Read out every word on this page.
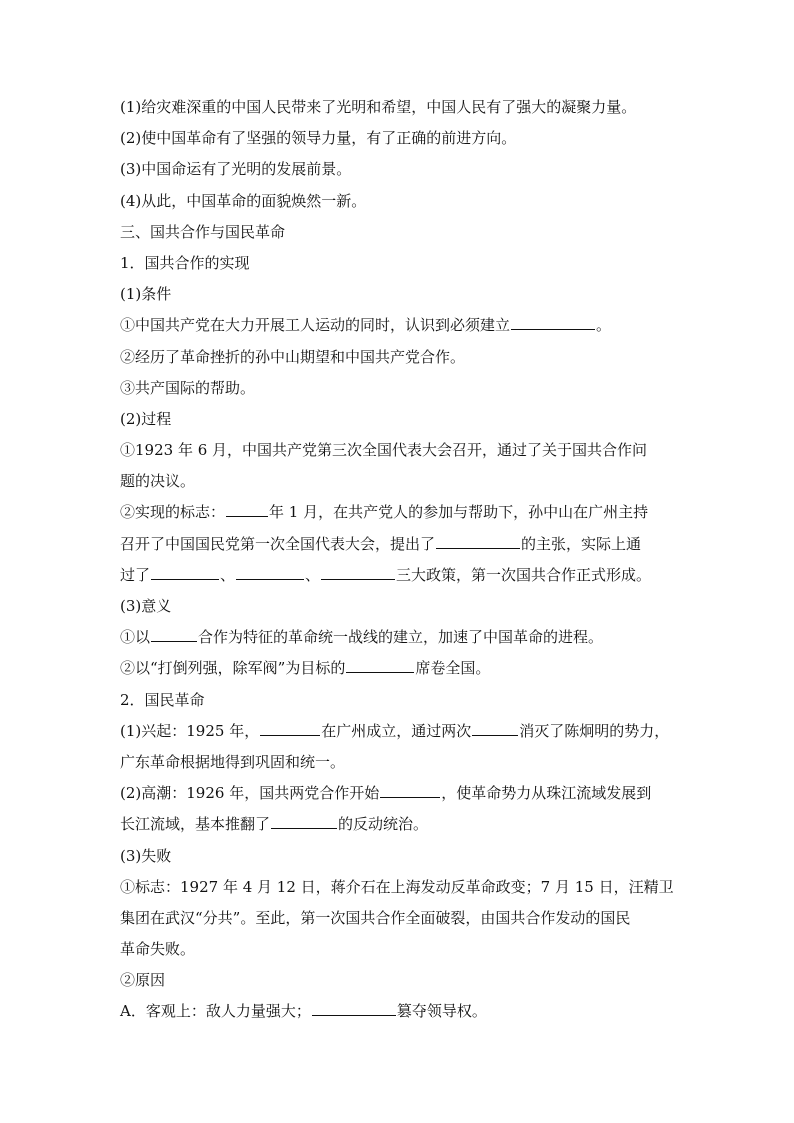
(1)给灾难深重的中国人民带来了光明和希望，中国人民有了强大的凝聚力量。
(2)使中国革命有了坚强的领导力量，有了正确的前进方向。
(3)中国命运有了光明的发展前景。
(4)从此，中国革命的面貌焕然一新。
三、国共合作与国民革命
1．国共合作的实现
(1)条件
①中国共产党在大力开展工人运动的同时，认识到必须建立	。
②经历了革命挫折的孙中山期望和中国共产党合作。
③共产国际的帮助。
(2)过程
①1923 年 6 月，中国共产党第三次全国代表大会召开，通过了关于国共合作问
题的决议。
②实现的标志：	年 1 月，在共产党人的参加与帮助下，孙中山在广州主持
召开了中国国民党第一次全国代表大会，提出了	的主张，实际上通
过了	、	、	三大政策，第一次国共合作正式形成。
(3)意义
①以	合作为特征的革命统一战线的建立，加速了中国革命的进程。
②以“打倒列强，除军阀”为目标的	席卷全国。
2．国民革命
(1)兴起：1925 年，	在广州成立，通过两次	消灭了陈炯明的势力，
广东革命根据地得到巩固和统一。
(2)高潮：1926 年，国共两党合作开始	，使革命势力从珠江流域发展到
长江流域，基本推翻了	的反动统治。
(3)失败
①标志：1927 年 4 月 12 日，蒋介石在上海发动反革命政变；7 月 15 日，汪精卫
集团在武汉“分共”。至此，第一次国共合作全面破裂，由国共合作发动的国民
革命失败。
②原因
A．客观上：敌人力量强大；	篡夺领导权。
